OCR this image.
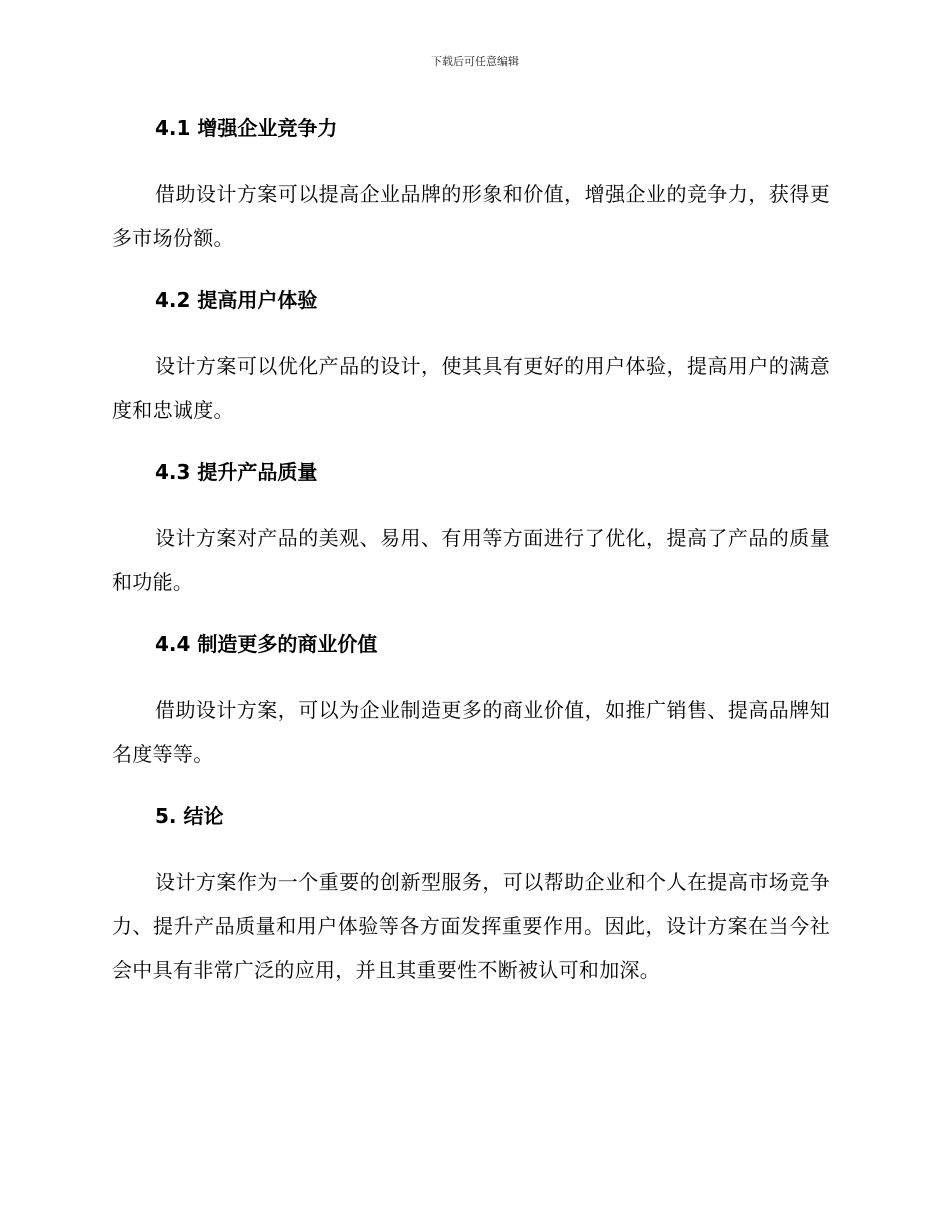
下载后可任意编辑
4.1 增强企业竞争力

借助设计方案可以提高企业品牌的形象和价值，增强企业的竞争力，获得更多市场份额。

4.2 提高用户体验

设计方案可以优化产品的设计，使其具有更好的用户体验，提高用户的满意度和忠诚度。

4.3 提升产品质量

设计方案对产品的美观、易用、有用等方面进行了优化，提高了产品的质量和功能。

4.4 制造更多的商业价值

借助设计方案，可以为企业制造更多的商业价值，如推广销售、提高品牌知名度等等。

5. 结论

设计方案作为一个重要的创新型服务，可以帮助企业和个人在提高市场竞争力、提升产品质量和用户体验等各方面发挥重要作用。因此，设计方案在当今社会中具有非常广泛的应用，并且其重要性不断被认可和加深。
